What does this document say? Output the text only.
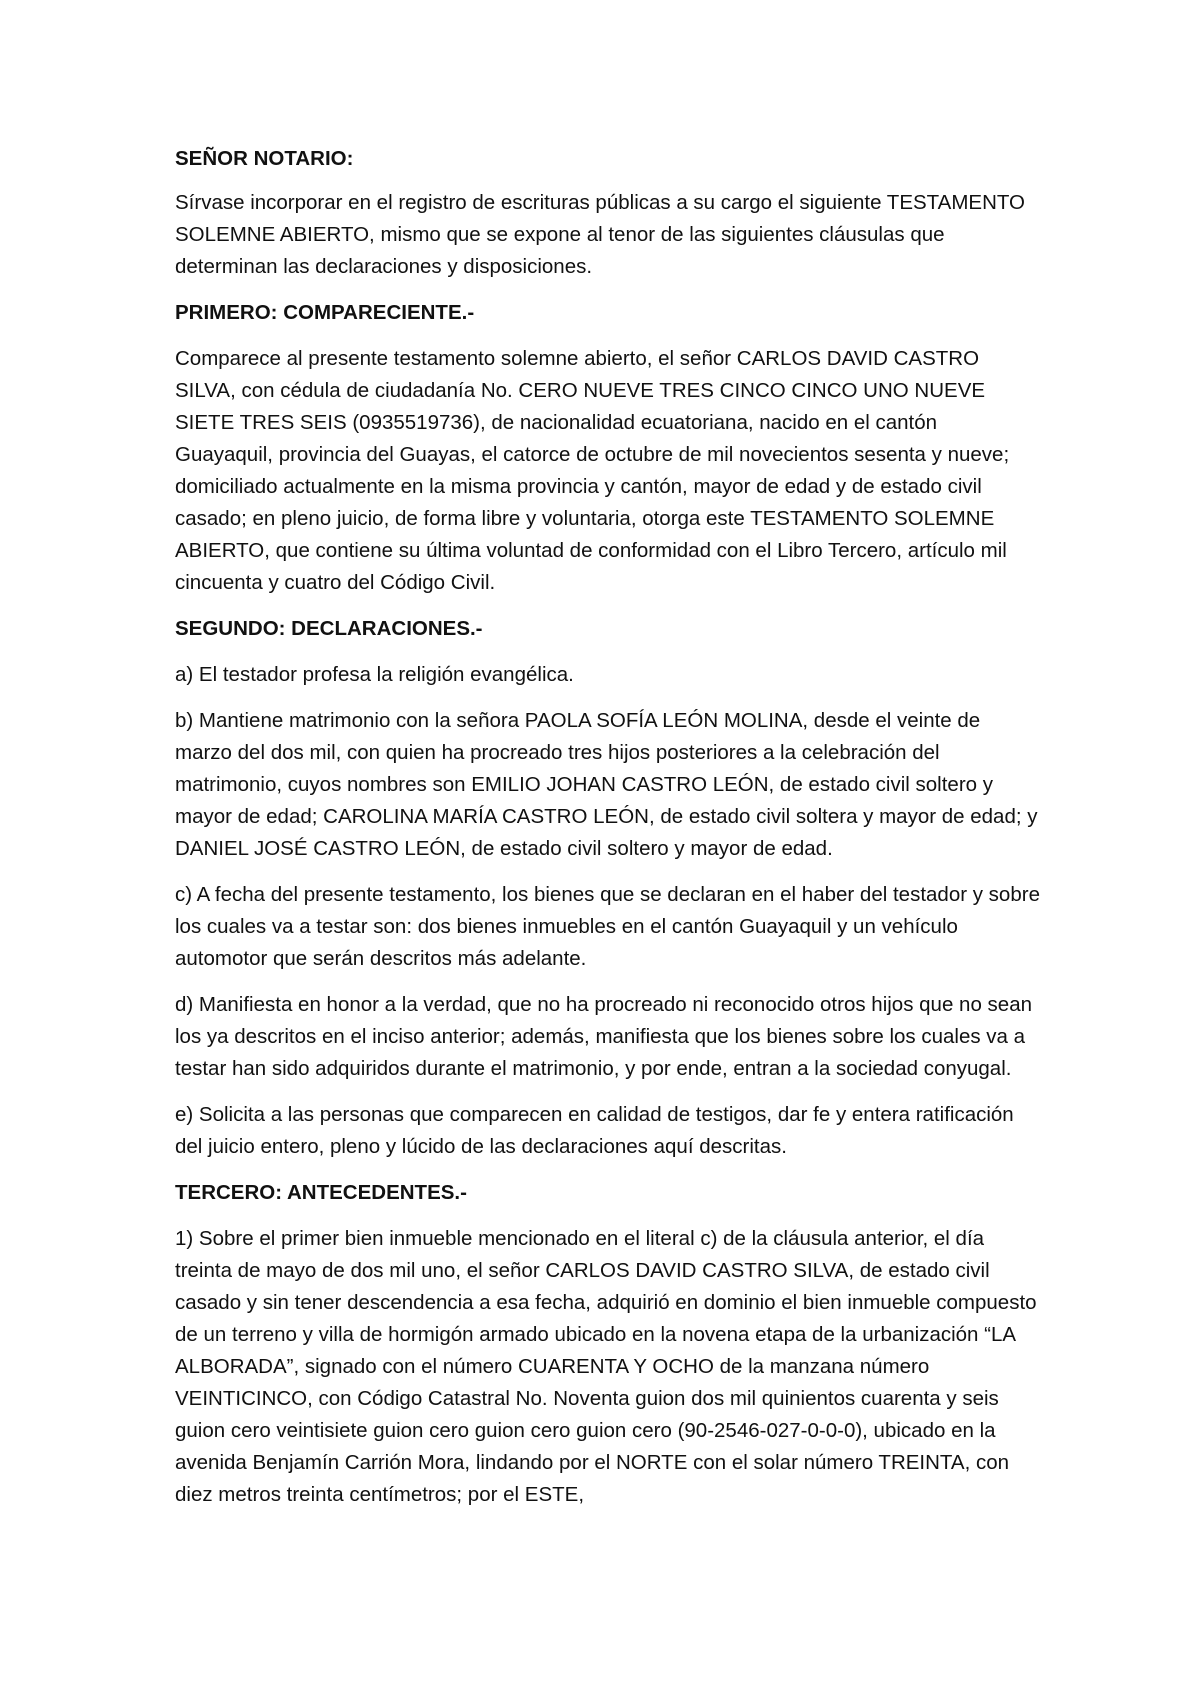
SEÑOR NOTARIO:

Sírvase incorporar en el registro de escrituras públicas a su cargo el siguiente TESTAMENTO SOLEMNE ABIERTO, mismo que se expone al tenor de las siguientes cláusulas que determinan las declaraciones y disposiciones.

PRIMERO: COMPARECIENTE.-

Comparece al presente testamento solemne abierto, el señor CARLOS DAVID CASTRO SILVA, con cédula de ciudadanía No. CERO NUEVE TRES CINCO CINCO UNO NUEVE SIETE TRES SEIS (0935519736), de nacionalidad ecuatoriana, nacido en el cantón Guayaquil, provincia del Guayas, el catorce de octubre de mil novecientos sesenta y nueve; domiciliado actualmente en la misma provincia y cantón, mayor de edad y de estado civil casado; en pleno juicio, de forma libre y voluntaria, otorga este TESTAMENTO SOLEMNE ABIERTO, que contiene su última voluntad de conformidad con el Libro Tercero, artículo mil cincuenta y cuatro del Código Civil.

SEGUNDO: DECLARACIONES.-

a) El testador profesa la religión evangélica.

b) Mantiene matrimonio con la señora PAOLA SOFÍA LEÓN MOLINA, desde el veinte de marzo del dos mil, con quien ha procreado tres hijos posteriores a la celebración del matrimonio, cuyos nombres son EMILIO JOHAN CASTRO LEÓN, de estado civil soltero y mayor de edad; CAROLINA MARÍA CASTRO LEÓN, de estado civil soltera y mayor de edad; y DANIEL JOSÉ CASTRO LEÓN, de estado civil soltero y mayor de edad.

c) A fecha del presente testamento, los bienes que se declaran en el haber del testador y sobre los cuales va a testar son: dos bienes inmuebles en el cantón Guayaquil y un vehículo automotor que serán descritos más adelante.

d) Manifiesta en honor a la verdad, que no ha procreado ni reconocido otros hijos que no sean los ya descritos en el inciso anterior; además, manifiesta que los bienes sobre los cuales va a testar han sido adquiridos durante el matrimonio, y por ende, entran a la sociedad conyugal.

e) Solicita a las personas que comparecen en calidad de testigos, dar fe y entera ratificación del juicio entero, pleno y lúcido de las declaraciones aquí descritas.

TERCERO: ANTECEDENTES.-

1) Sobre el primer bien inmueble mencionado en el literal c) de la cláusula anterior, el día treinta de mayo de dos mil uno, el señor CARLOS DAVID CASTRO SILVA, de estado civil casado y sin tener descendencia a esa fecha, adquirió en dominio el bien inmueble compuesto de un terreno y villa de hormigón armado ubicado en la novena etapa de la urbanización “LA ALBORADA”, signado con el número CUARENTA Y OCHO de la manzana número VEINTICINCO, con Código Catastral No. Noventa guion dos mil quinientos cuarenta y seis guion cero veintisiete guion cero guion cero guion cero (90-2546-027-0-0-0), ubicado en la avenida Benjamín Carrión Mora, lindando por el NORTE con el solar número TREINTA, con diez metros treinta centímetros; por el ESTE,
